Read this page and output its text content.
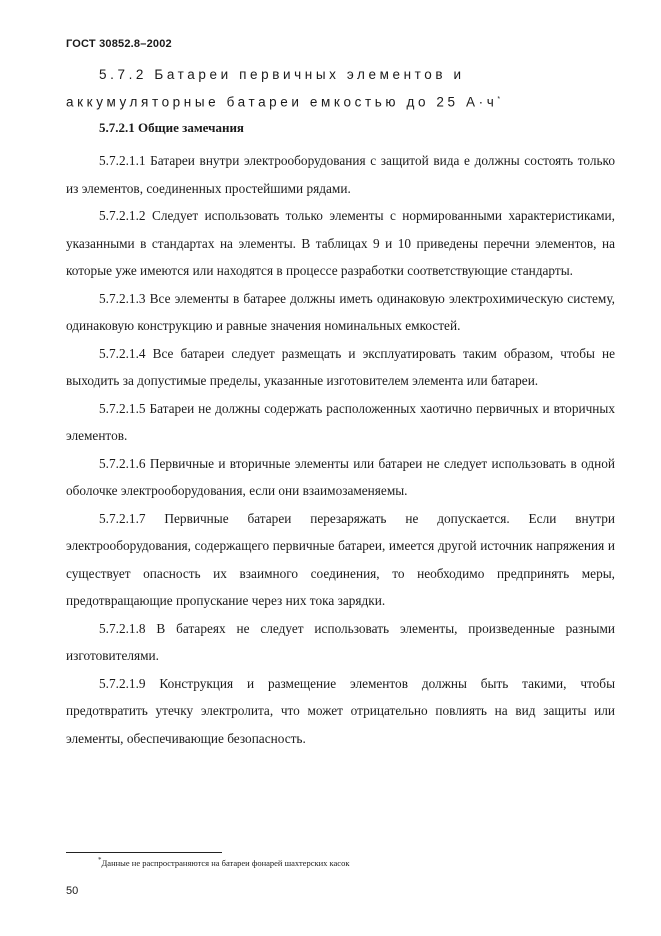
ГОСТ 30852.8–2002
5.7.2 Батареи первичных элементов и аккумуляторные батареи емкостью до 25 А·ч*
5.7.2.1 Общие замечания

5.7.2.1.1 Батареи внутри электрооборудования с защитой вида e должны состоять только из элементов, соединенных простейшими рядами.

5.7.2.1.2 Следует использовать только элементы с нормированными характеристиками, указанными в стандартах на элементы. В таблицах 9 и 10 приведены перечни элементов, на которые уже имеются или находятся в процессе разработки соответствующие стандарты.

5.7.2.1.3 Все элементы в батарее должны иметь одинаковую электрохимическую систему, одинаковую конструкцию и равные значения номинальных емкостей.

5.7.2.1.4 Все батареи следует размещать и эксплуатировать таким образом, чтобы не выходить за допустимые пределы, указанные изготовителем элемента или батареи.

5.7.2.1.5 Батареи не должны содержать расположенных хаотично первичных и вторичных элементов.

5.7.2.1.6 Первичные и вторичные элементы или батареи не следует использовать в одной оболочке электрооборудования, если они взаимозаменяемы.

5.7.2.1.7 Первичные батареи перезаряжать не допускается. Если внутри электрооборудования, содержащего первичные батареи, имеется другой источник напряжения и существует опасность их взаимного соединения, то необходимо предпринять меры, предотвращающие пропускание через них тока зарядки.

5.7.2.1.8 В батареях не следует использовать элементы, произведенные разными изготовителями.

5.7.2.1.9 Конструкция и размещение элементов должны быть такими, чтобы предотвратить утечку электролита, что может отрицательно повлиять на вид защиты или элементы, обеспечивающие безопасность.

*Данные не распространяются на батареи фонарей шахтерских касок
50
